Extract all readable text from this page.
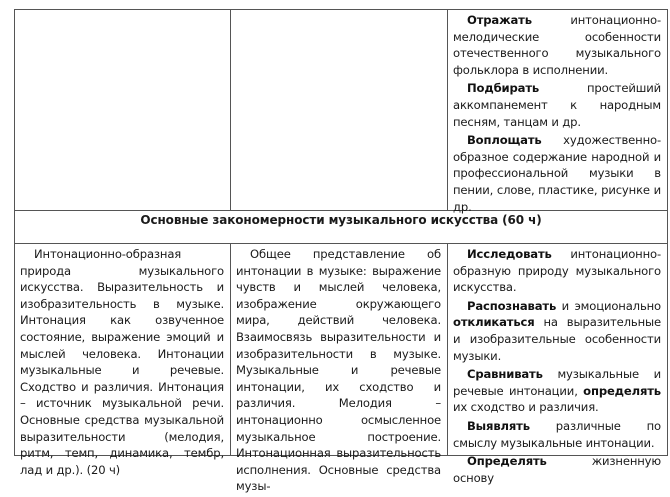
Отражать интонационно-мелодические особенности отечественного музыкального фольклора в исполнении.

Подбирать простейший аккомпанемент к народным песням, танцам и др.

Воплощать художественно-образное содержание народной и профессиональной музыки в пении, слове, пластике, рисунке и др.

Основные закономерности музыкального искусства (60 ч)

Интонационно-образная природа музыкального искусства. Выразительность и изобразительность в музыке. Интонация как озвученное состояние, выражение эмоций и мыслей человека. Интонации музыкальные и речевые. Сходство и различия. Интонация – источник музыкальной речи. Основные средства музыкальной выразительности (мелодия, ритм, темп, динамика, тембр, лад и др.). (20 ч)

Общее представление об интонации в музыке: выражение чувств и мыслей человека, изображение окружающего мира, действий человека. Взаимосвязь выразительности и изобразительности в музыке. Музыкальные и речевые интонации, их сходство и различия. Мелодия – интонационно осмысленное музыкальное построение. Интонационная выразительность исполнения. Основные средства музы-

Исследовать интонационно-образную природу музыкального искусства.

Распознавать и эмоционально откликаться на выразительные и изобразительные особенности музыки.

Сравнивать музыкальные и речевые интонации, определять их сходство и различия.

Выявлять различные по смыслу музыкальные интонации.

Определять жизненную основу
